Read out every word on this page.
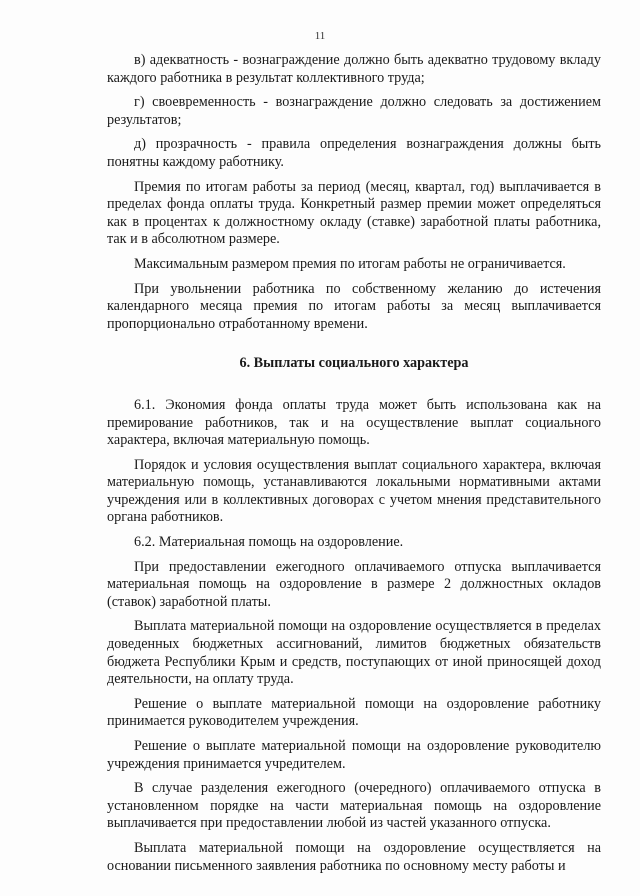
11

в) адекватность - вознаграждение должно быть адекватно трудовому вкладу каждого работника в результат коллективного труда;

г) своевременность - вознаграждение должно следовать за достижением результатов;

д) прозрачность - правила определения вознаграждения должны быть понятны каждому работнику.

Премия по итогам работы за период (месяц, квартал, год) выплачивается в пределах фонда оплаты труда. Конкретный размер премии может определяться как в процентах к должностному окладу (ставке) заработной платы работника, так и в абсолютном размере.

Максимальным размером премия по итогам работы не ограничивается.

При увольнении работника по собственному желанию до истечения календарного месяца премия по итогам работы за месяц выплачивается пропорционально отработанному времени.

6. Выплаты социального характера

6.1. Экономия фонда оплаты труда может быть использована как на премирование работников, так и на осуществление выплат социального характера, включая материальную помощь.

Порядок и условия осуществления выплат социального характера, включая материальную помощь, устанавливаются локальными нормативными актами учреждения или в коллективных договорах с учетом мнения представительного органа работников.

6.2. Материальная помощь на оздоровление.

При предоставлении ежегодного оплачиваемого отпуска выплачивается материальная помощь на оздоровление в размере 2 должностных окладов (ставок) заработной платы.

Выплата материальной помощи на оздоровление осуществляется в пределах доведенных бюджетных ассигнований, лимитов бюджетных обязательств бюджета Республики Крым и средств, поступающих от иной приносящей доход деятельности, на оплату труда.

Решение о выплате материальной помощи на оздоровление работнику принимается руководителем учреждения.

Решение о выплате материальной помощи на оздоровление руководителю учреждения принимается учредителем.

В случае разделения ежегодного (очередного) оплачиваемого отпуска в установленном порядке на части материальная помощь на оздоровление выплачивается при предоставлении любой из частей указанного отпуска.

Выплата материальной помощи на оздоровление осуществляется на основании письменного заявления работника по основному месту работы и
